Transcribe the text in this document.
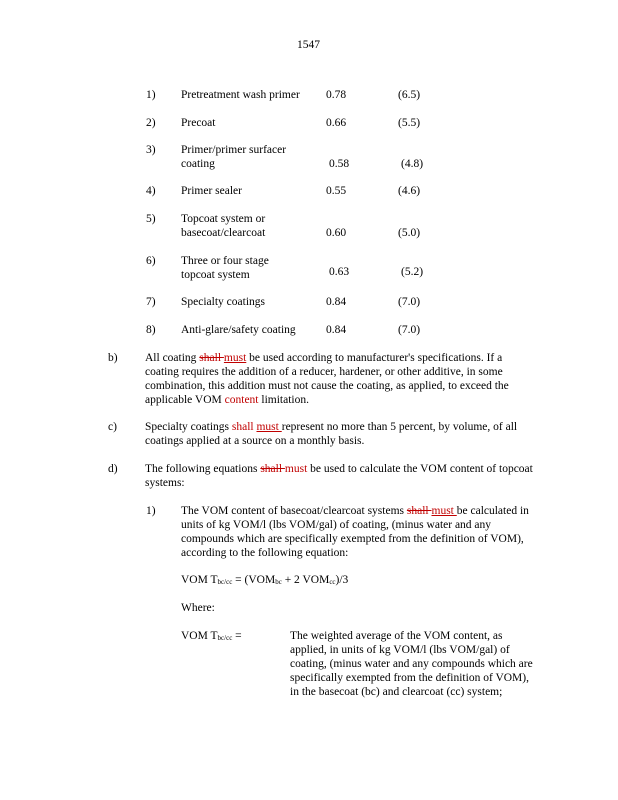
1547
1) Pretreatment wash primer 0.78	(6.5)
2) Precoat	0.66	(5.5)
3) Primer/primer surfacer
coating	0.58	(4.8)
4) Primer sealer	0.55	(4.6)
5) Topcoat system or
basecoat/clearcoat	0.60	(5.0)
6) Three or four stage
topcoat system	0.63	(5.2)
7) Specialty coatings	0.84	(7.0)
8) Anti-glare/safety coating	0.84	(7.0)
b) All coating shall must be used according to manufacturer's specifications. If a coating requires the addition of a reducer, hardener, or other additive, in some combination, this addition must not cause the coating, as applied, to exceed the applicable VOM content limitation.
c) Specialty coatings shall must represent no more than 5 percent, by volume, of all coatings applied at a source on a monthly basis.
d) The following equations shall must be used to calculate the VOM content of topcoat systems:
1) The VOM content of basecoat/clearcoat systems shall must be calculated in units of kg VOM/l (lbs VOM/gal) of coating, (minus water and any compounds which are specifically exempted from the definition of VOM), according to the following equation:
VOM $T_{bc/cc} = (VOM_{bc} + 2$ $VOM_{cc})/3$
Where:
VOM $T_{bc/cc}$ =	The weighted average of the VOM content, as applied, in units of kg VOM/l (lbs VOM/gal) of coating, (minus water and any compounds which are specifically exempted from the definition of VOM), in the basecoat (bc) and clearcoat (cc) system;
